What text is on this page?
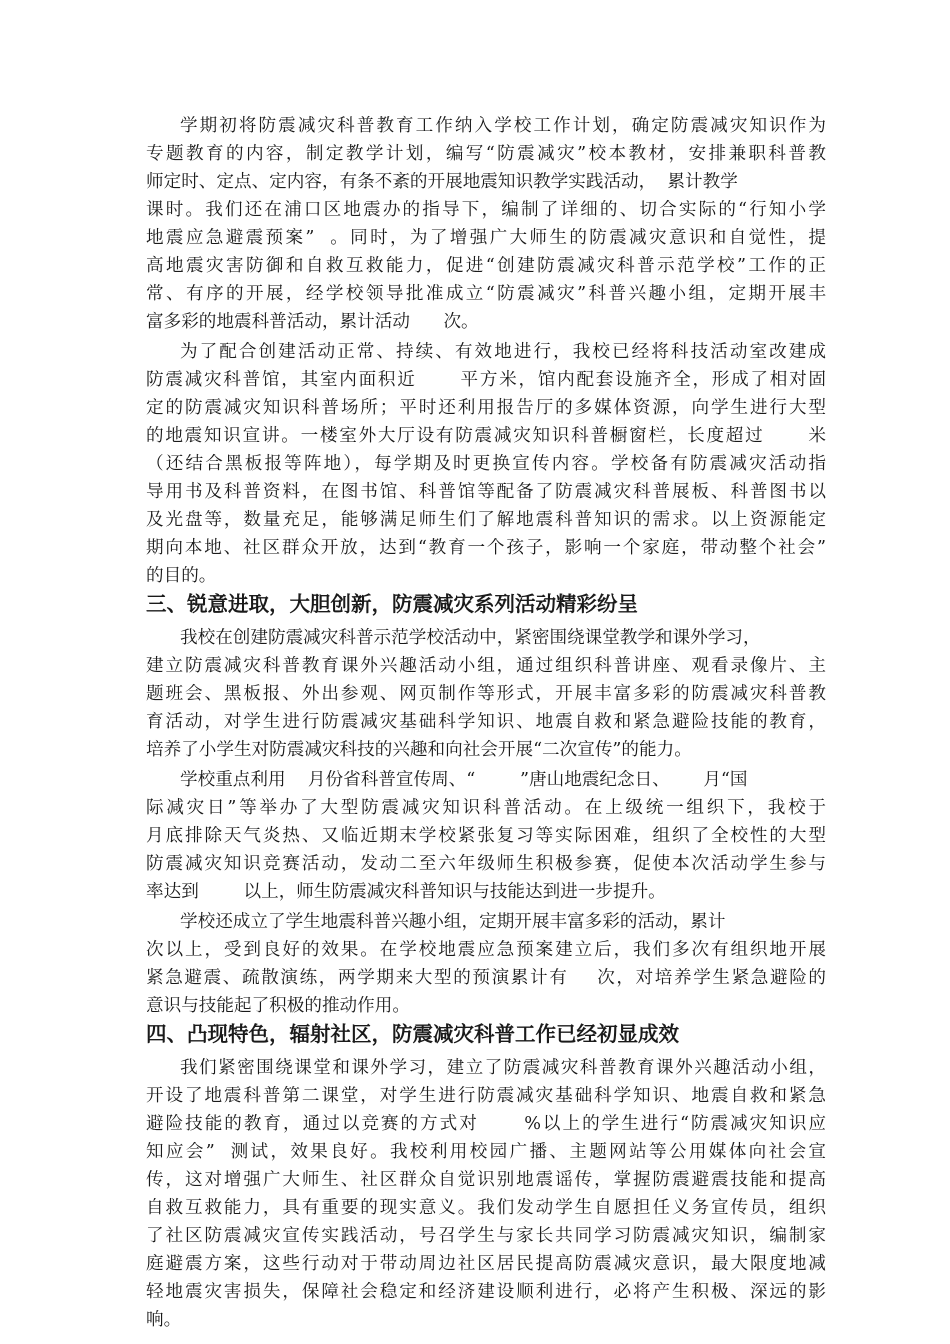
学期初将防震减灾科普教育工作纳入学校工作计划，确定防震减灾知识作为
专题教育的内容，制定教学计划，编写“防震减灾”校本教材，安排兼职科普教
师定时、定点、定内容，有条不紊的开展地震知识教学实践活动，  累计教学
课时。我们还在浦口区地震办的指导下，编制了详细的、切合实际的“行知小学
地震应急避震预案”  。同时，为了增强广大师生的防震减灾意识和自觉性，提
高地震灾害防御和自救互救能力，促进“创建防震减灾科普示范学校”工作的正
常、有序的开展，经学校领导批准成立“防震减灾”科普兴趣小组，定期开展丰
富多彩的地震科普活动，累计活动      次。
为了配合创建活动正常、持续、有效地进行，我校已经将科技活动室改建成
防震减灾科普馆，其室内面积近      平方米，馆内配套设施齐全，形成了相对固
定的防震减灾知识科普场所；平时还利用报告厅的多媒体资源，向学生进行大型
的地震知识宣讲。一楼室外大厅设有防震减灾知识科普橱窗栏，长度超过      米
（还结合黑板报等阵地），每学期及时更换宣传内容。学校备有防震减灾活动指
导用书及科普资料，在图书馆、科普馆等配备了防震减灾科普展板、科普图书以
及光盘等，数量充足，能够满足师生们了解地震科普知识的需求。以上资源能定
期向本地、社区群众开放，达到“教育一个孩子，影响一个家庭，带动整个社会”
的目的。
三、锐意进取，大胆创新，防震减灾系列活动精彩纷呈
我校在创建防震减灾科普示范学校活动中，紧密围绕课堂教学和课外学习，
建立防震减灾科普教育课外兴趣活动小组，通过组织科普讲座、观看录像片、主
题班会、黑板报、外出参观、网页制作等形式，开展丰富多彩的防震减灾科普教
育活动，对学生进行防震减灾基础科学知识、地震自救和紧急避险技能的教育，
培养了小学生对防震减灾科技的兴趣和向社会开展“二次宣传”的能力。
学校重点利用    月份省科普宣传周、“        ”唐山地震纪念日、      月“国
际减灾日”等举办了大型防震减灾知识科普活动。在上级统一组织下，我校于
月底排除天气炎热、又临近期末学校紧张复习等实际困难，组织了全校性的大型
防震减灾知识竞赛活动，发动二至六年级师生积极参赛，促使本次活动学生参与
率达到        以上，师生防震减灾科普知识与技能达到进一步提升。
学校还成立了学生地震科普兴趣小组，定期开展丰富多彩的活动，累计
次以上，受到良好的效果。在学校地震应急预案建立后，我们多次有组织地开展
紧急避震、疏散演练，两学期来大型的预演累计有    次，对培养学生紧急避险的
意识与技能起了积极的推动作用。
四、凸现特色，辐射社区，防震减灾科普工作已经初显成效
我们紧密围绕课堂和课外学习，建立了防震减灾科普教育课外兴趣活动小组，
开设了地震科普第二课堂，对学生进行防震减灾基础科学知识、地震自救和紧急
避险技能的教育，通过以竞赛的方式对      %以上的学生进行“防震减灾知识应
知应会”  测试，效果良好。我校利用校园广播、主题网站等公用媒体向社会宣
传，这对增强广大师生、社区群众自觉识别地震谣传，掌握防震避震技能和提高
自救互救能力，具有重要的现实意义。我们发动学生自愿担任义务宣传员，组织
了社区防震减灾宣传实践活动，号召学生与家长共同学习防震减灾知识，编制家
庭避震方案，这些行动对于带动周边社区居民提高防震减灾意识，最大限度地减
轻地震灾害损失，保障社会稳定和经济建设顺利进行，必将产生积极、深远的影
响。
